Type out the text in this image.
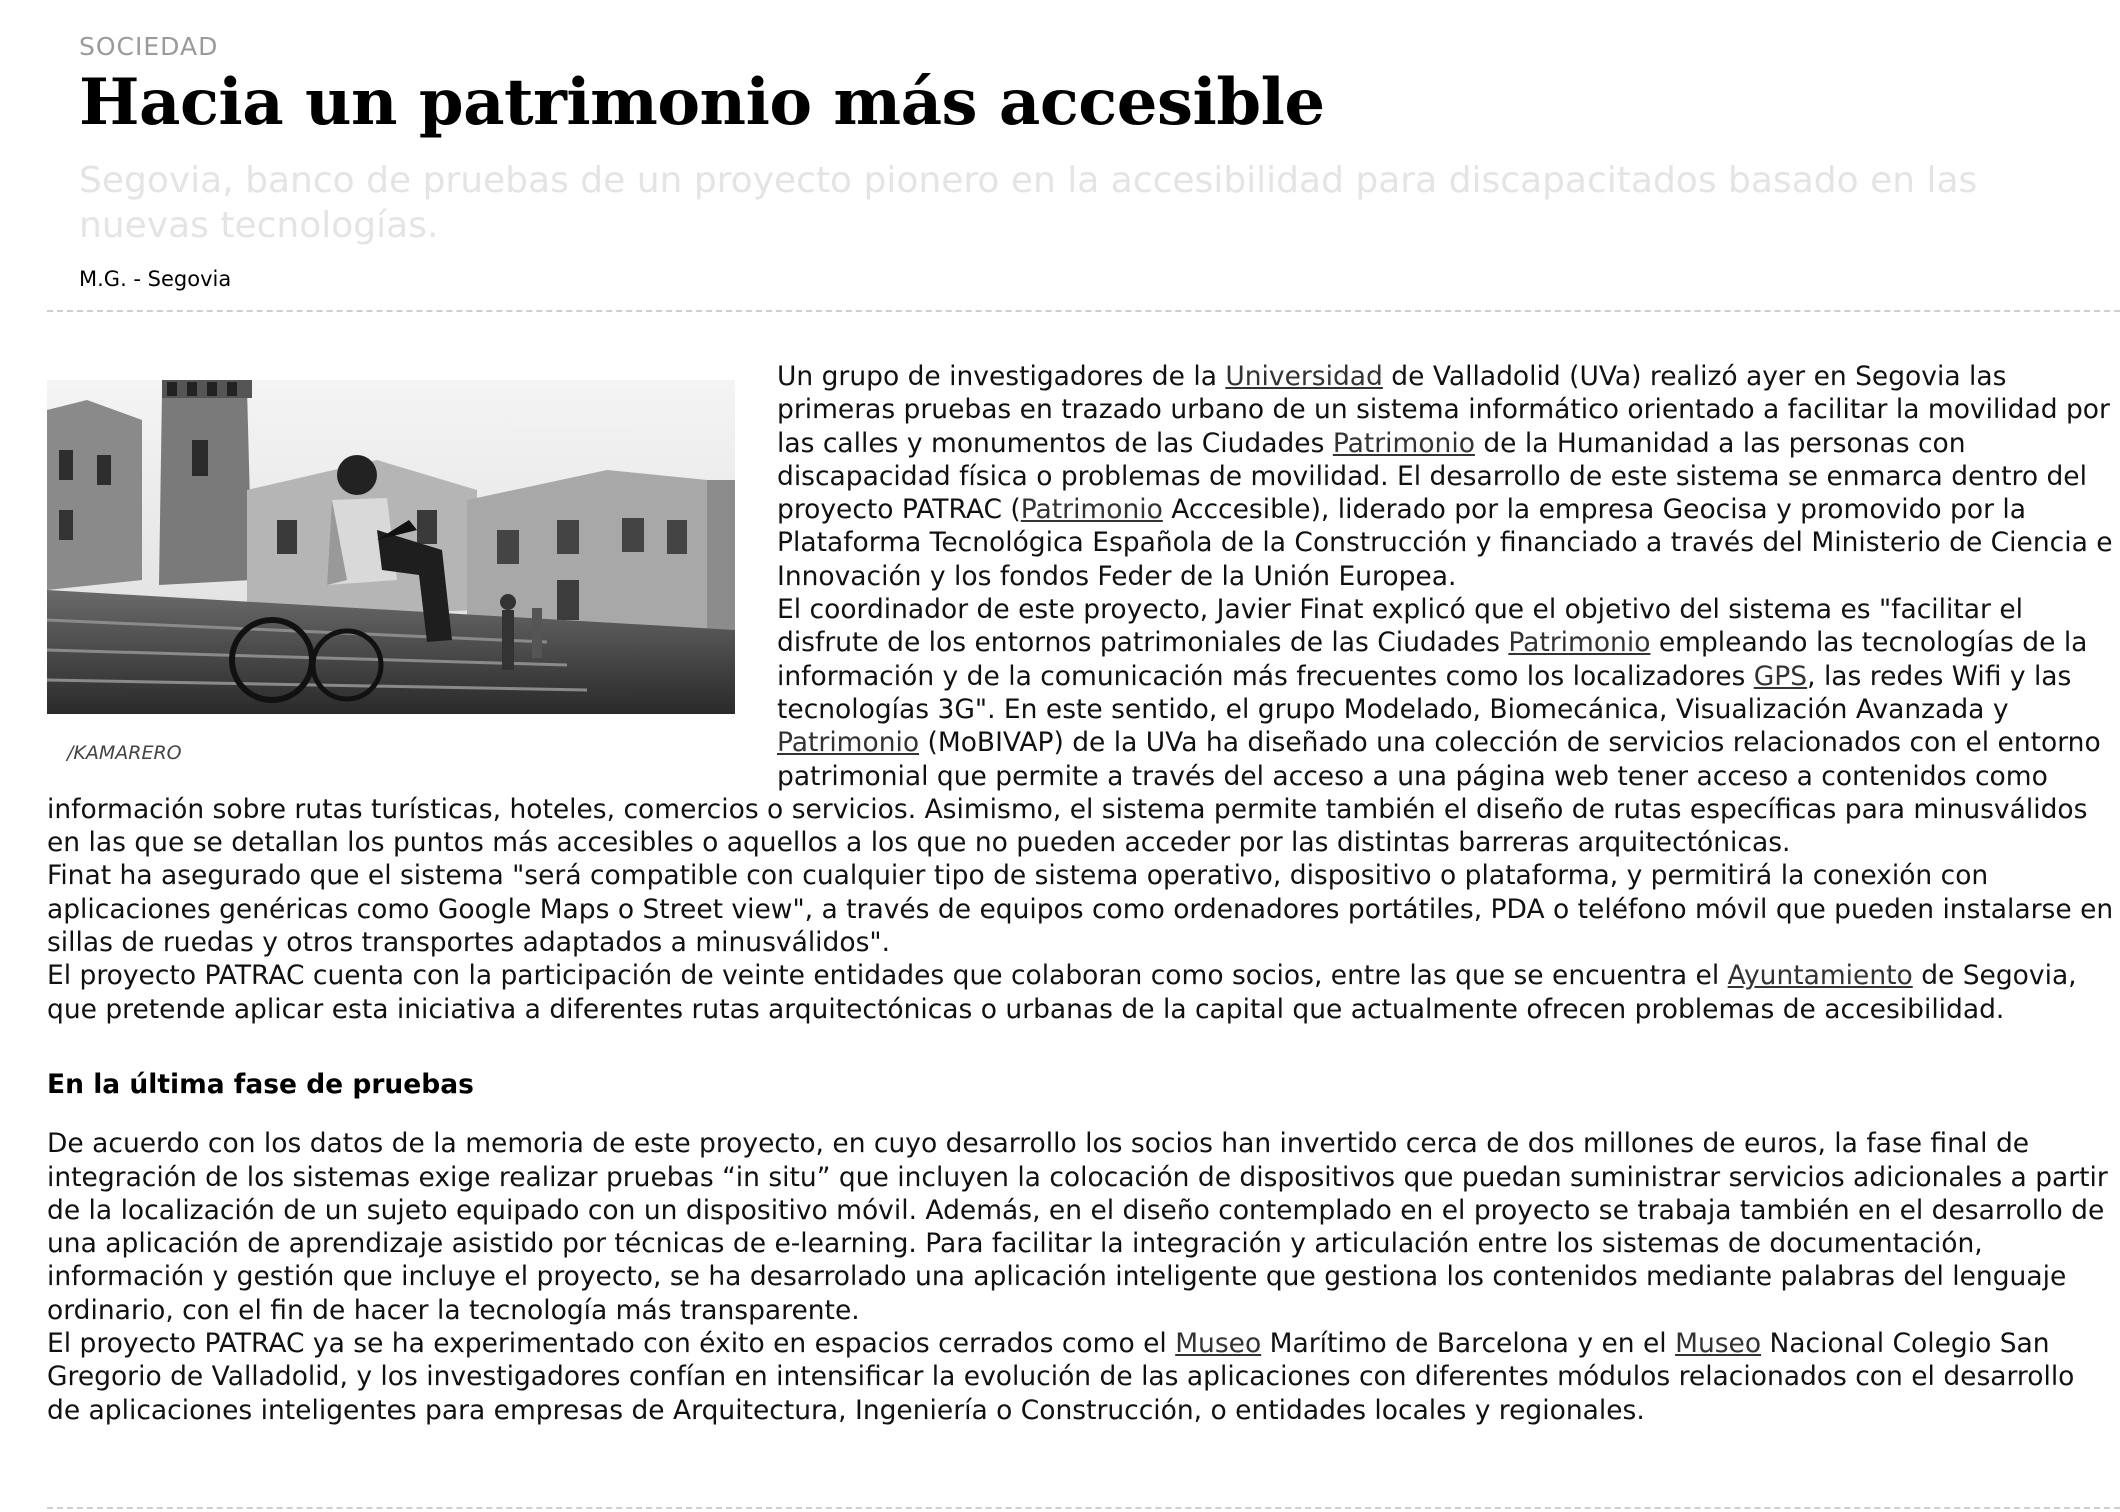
SOCIEDAD
Hacia un patrimonio más accesible
Segovia, banco de pruebas de un proyecto pionero en la accesibilidad para discapacitados basado en las nuevas tecnologías.
M.G. - Segovia
/KAMARERO

Un grupo de investigadores de la Universidad de Valladolid (UVa) realizó ayer en Segovia las primeras pruebas en trazado urbano de un sistema informático orientado a facilitar la movilidad por las calles y monumentos de las Ciudades Patrimonio de la Humanidad a las personas con discapacidad física o problemas de movilidad. El desarrollo de este sistema se enmarca dentro del proyecto PATRAC (Patrimonio Acccesible), liderado por la empresa Geocisa y promovido por la Plataforma Tecnológica Española de la Construcción y financiado a través del Ministerio de Ciencia e Innovación y los fondos Feder de la Unión Europea.

El coordinador de este proyecto, Javier Finat explicó que el objetivo del sistema es "facilitar el disfrute de los entornos patrimoniales de las Ciudades Patrimonio empleando las tecnologías de la información y de la comunicación más frecuentes como los localizadores GPS, las redes Wifi y las tecnologías 3G". En este sentido, el grupo Modelado, Biomecánica, Visualización Avanzada y Patrimonio (MoBIVAP) de la UVa ha diseñado una colección de servicios relacionados con el entorno patrimonial que permite a través del acceso a una página web tener acceso a contenidos como información sobre rutas turísticas, hoteles, comercios o servicios. Asimismo, el sistema permite también el diseño de rutas específicas para minusválidos en las que se detallan los puntos más accesibles o aquellos a los que no pueden acceder por las distintas barreras arquitectónicas.

Finat ha asegurado que el sistema "será compatible con cualquier tipo de sistema operativo, dispositivo o plataforma, y permitirá la conexión con aplicaciones genéricas como Google Maps o Street view", a través de equipos como ordenadores portátiles, PDA o teléfono móvil que pueden instalarse en sillas de ruedas y otros transportes adaptados a minusválidos".

El proyecto PATRAC cuenta con la participación de veinte entidades que colaboran como socios, entre las que se encuentra el Ayuntamiento de Segovia, que pretende aplicar esta iniciativa a diferentes rutas arquitectónicas o urbanas de la capital que actualmente ofrecen problemas de accesibilidad.

En la última fase de pruebas

De acuerdo con los datos de la memoria de este proyecto, en cuyo desarrollo los socios han invertido cerca de dos millones de euros, la fase final de integración de los sistemas exige realizar pruebas “in situ” que incluyen la colocación de dispositivos que puedan suministrar servicios adicionales a partir de la localización de un sujeto equipado con un dispositivo móvil. Además, en el diseño contemplado en el proyecto se trabaja también en el desarrollo de una aplicación de aprendizaje asistido por técnicas de e-learning. Para facilitar la integración y articulación entre los sistemas de documentación, información y gestión que incluye el proyecto, se ha desarrolado una aplicación inteligente que gestiona los contenidos mediante palabras del lenguaje ordinario, con el fin de hacer la tecnología más transparente.

El proyecto PATRAC ya se ha experimentado con éxito en espacios cerrados como el Museo Marítimo de Barcelona y en el Museo Nacional Colegio San Gregorio de Valladolid, y los investigadores confían en intensificar la evolución de las aplicaciones con diferentes módulos relacionados con el desarrollo de aplicaciones inteligentes para empresas de Arquitectura, Ingeniería o Construcción, o entidades locales y regionales.
